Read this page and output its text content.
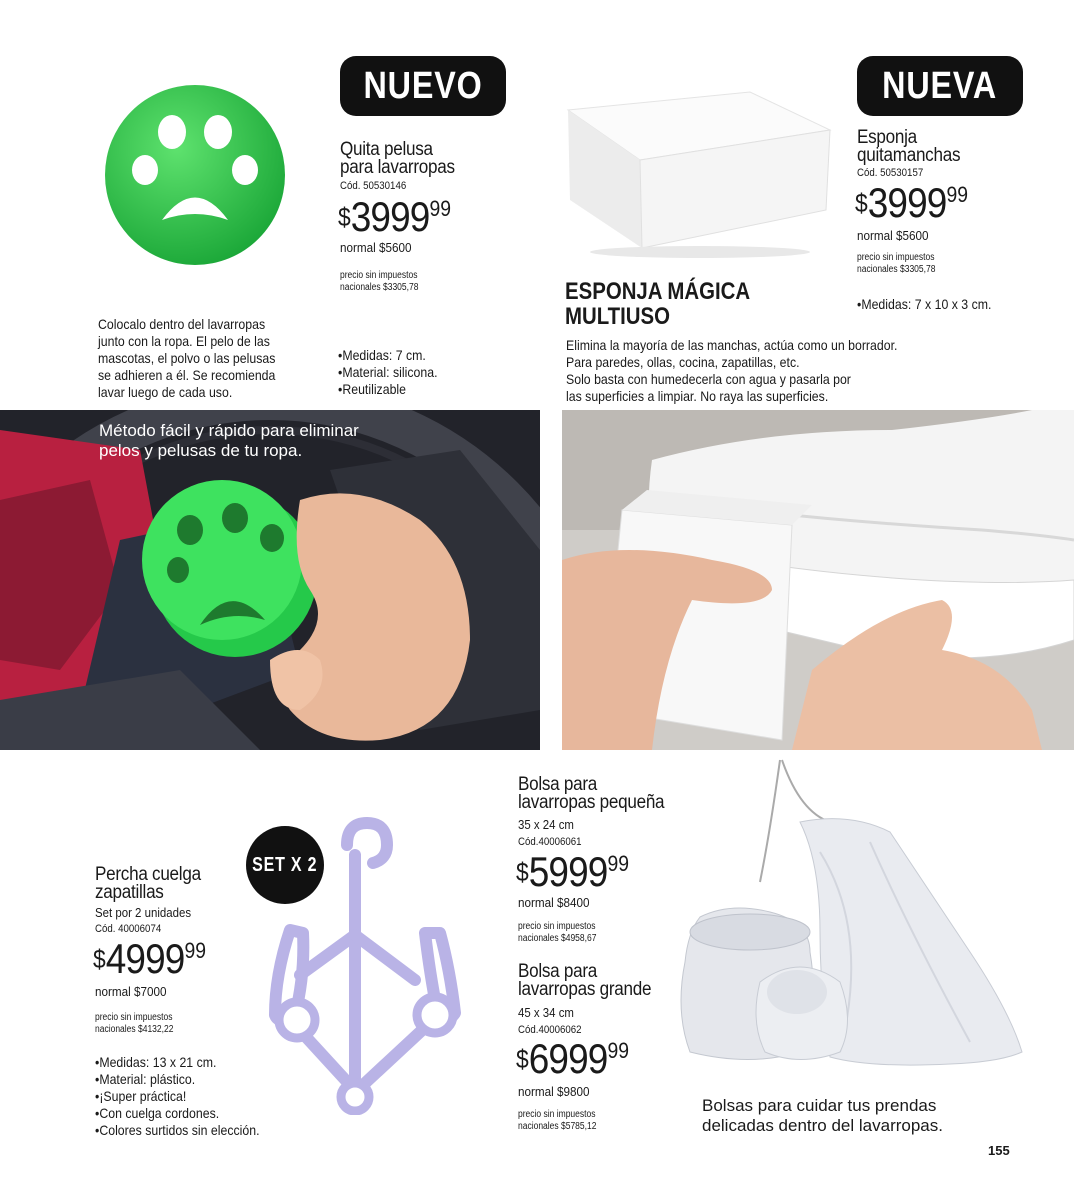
NUEVO
Quita pelusa
para lavarropas
Cód. 50530146
$ 3999 99
normal $5600
precio sin impuestos
nacionales $3305,78
Colocalo dentro del lavarropas
junto con la ropa. El pelo de las
mascotas, el polvo o las pelusas
se adhieren a él. Se recomienda
lavar luego de cada uso.
• Medidas: 7 cm.
• Material: silicona.
• Reutilizable
Método fácil y rápido para eliminar
pelos y pelusas de tu ropa.
NUEVA
Esponja
quitamanchas
Cód. 50530157
$ 3999 99
normal $5600
precio sin impuestos
nacionales $3305,78
• Medidas: 7 x 10 x 3 cm.
ESPONJA MÁGICA
MULTIUSO
Elimina la mayoría de las manchas, actúa como un borrador.
Para paredes, ollas, cocina, zapatillas, etc.
Solo basta con humedecerla con agua y pasarla por
las superficies a limpiar. No raya las superficies.
SET X 2
Percha cuelga
zapatillas
Set por 2 unidades
Cód. 40006074
$ 4999 99
normal $7000
precio sin impuestos
nacionales $4132,22
• Medidas: 13 x 21 cm.
• Material: plástico.
• ¡Super práctica!
• Con cuelga cordones.
• Colores surtidos sin elección.
Bolsa para
lavarropas pequeña
35 x 24 cm
Cód.40006061
$ 5999 99
normal $8400
precio sin impuestos
nacionales $4958,67
Bolsa para
lavarropas grande
45 x 34 cm
Cód.40006062
$ 6999 99
normal $9800
precio sin impuestos
nacionales $5785,12
Bolsas para cuidar tus prendas
delicadas dentro del lavarropas.
155
